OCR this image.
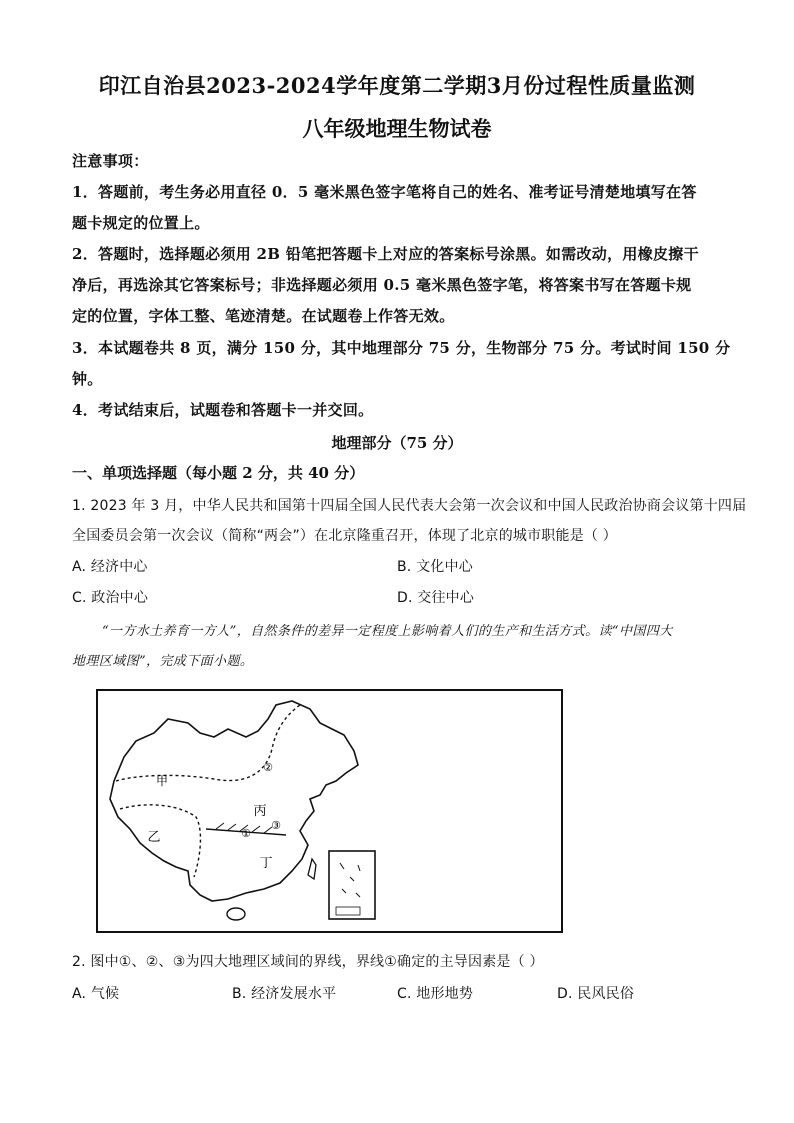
印江自治县2023-2024学年度第二学期3月份过程性质量监测
八年级地理生物试卷
注意事项：
1．答题前，考生务必用直径 0．5 毫米黑色签字笔将自己的姓名、准考证号清楚地填写在答
题卡规定的位置上。
2．答题时，选择题必须用 2B 铅笔把答题卡上对应的答案标号涂黑。如需改动，用橡皮擦干
净后，再选涂其它答案标号；非选择题必须用 0.5 毫米黑色签字笔，将答案书写在答题卡规
定的位置，字体工整、笔迹清楚。在试题卷上作答无效。
3．本试题卷共 8 页，满分 150 分，其中地理部分 75 分，生物部分 75 分。考试时间 150 分
钟。
4．考试结束后，试题卷和答题卡一并交回。
地理部分（75 分）
一、单项选择题（每小题 2 分，共 40 分）
1. 2023 年 3 月，中华人民共和国第十四届全国人民代表大会第一次会议和中国人民政治协商会议第十四届
全国委员会第一次会议（简称“两会”）在北京隆重召开，体现了北京的城市职能是（ ）
A. 经济中心	B. 文化中心
C. 政治中心	D. 交往中心
“一方水土养育一方人”，自然条件的差异一定程度上影响着人们的生产和生活方式。读“中国四大
地理区域图”，完成下面小题。
甲
乙
丙
丁
①
②
③
2. 图中①、②、③为四大地理区域间的界线，界线①确定的主导因素是（ ）
A. 气候	B. 经济发展水平	C. 地形地势	D. 民风民俗
